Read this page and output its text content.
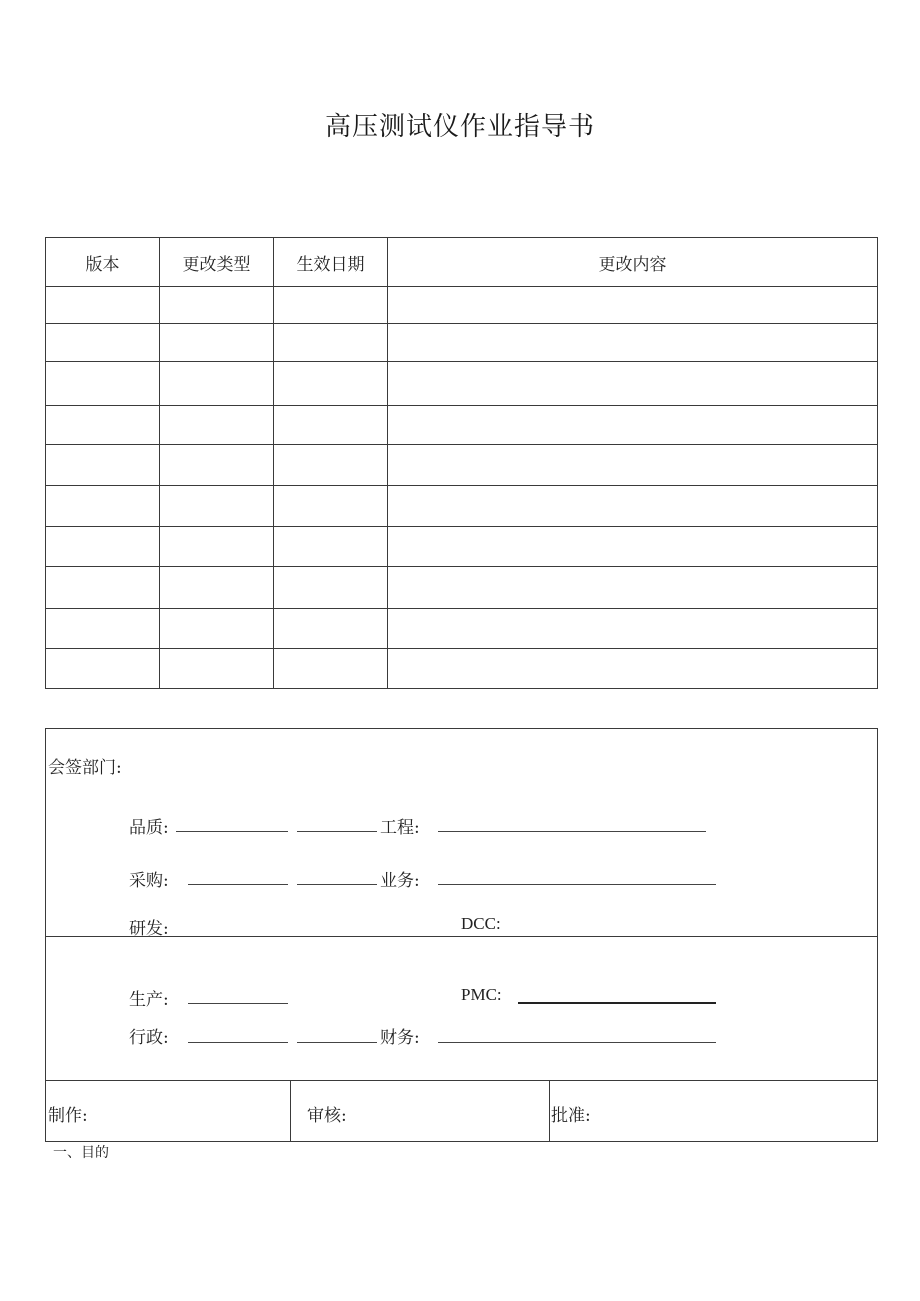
高压测试仪作业指导书
版本	更改类型	生效日期	更改内容

会签部门:
品质:	工程:
采购:	业务:
研发:	DCC:
生产:	PMC:
行政:	财务:
制作:	审核:	批准:
一、目的
